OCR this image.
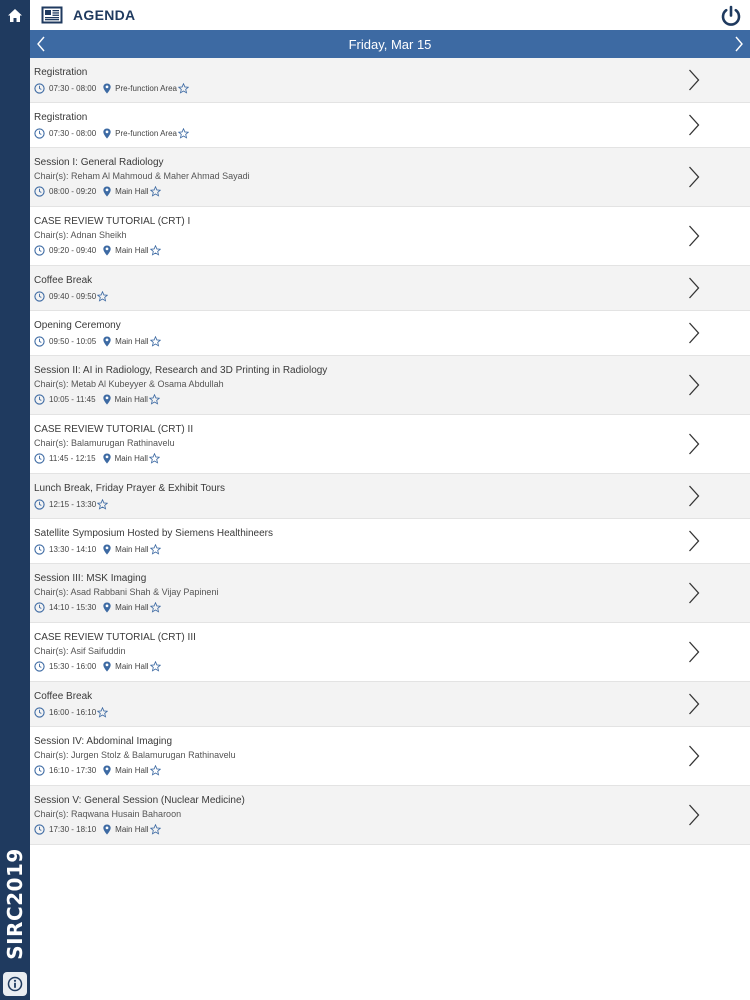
SIRC2019
AGENDA
Friday, Mar 15
Registration
07:30 - 08:00 Pre-function Area
Registration
07:30 - 08:00 Pre-function Area
Session I: General Radiology
Chair(s): Reham Al Mahmoud & Maher Ahmad Sayadi
08:00 - 09:20 Main Hall
CASE REVIEW TUTORIAL (CRT) I
Chair(s): Adnan Sheikh
09:20 - 09:40 Main Hall
Coffee Break
09:40 - 09:50
Opening Ceremony
09:50 - 10:05 Main Hall
Session II: AI in Radiology, Research and 3D Printing in Radiology
Chair(s): Metab Al Kubeyyer & Osama Abdullah
10:05 - 11:45 Main Hall
CASE REVIEW TUTORIAL (CRT) II
Chair(s): Balamurugan Rathinavelu
11:45 - 12:15 Main Hall
Lunch Break, Friday Prayer & Exhibit Tours
12:15 - 13:30
Satellite Symposium Hosted by Siemens Healthineers
13:30 - 14:10 Main Hall
Session III: MSK Imaging
Chair(s): Asad Rabbani Shah & Vijay Papineni
14:10 - 15:30 Main Hall
CASE REVIEW TUTORIAL (CRT) III
Chair(s): Asif Saifuddin
15:30 - 16:00 Main Hall
Coffee Break
16:00 - 16:10
Session IV: Abdominal Imaging
Chair(s): Jurgen Stolz & Balamurugan Rathinavelu
16:10 - 17:30 Main Hall
Session V: General Session (Nuclear Medicine)
Chair(s): Raqwana Husain Baharoon
17:30 - 18:10 Main Hall
